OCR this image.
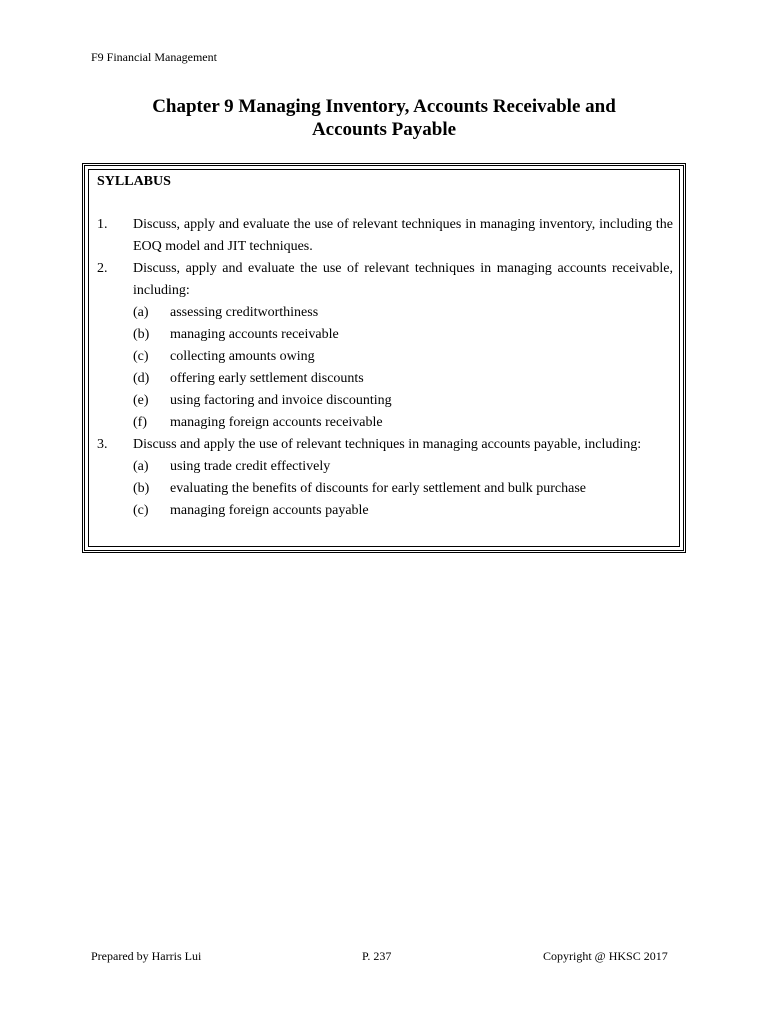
F9 Financial Management
Chapter 9 Managing Inventory, Accounts Receivable and
Accounts Payable
SYLLABUS
1.	Discuss, apply and evaluate the use of relevant techniques in managing inventory, including the EOQ model and JIT techniques.
2.	Discuss, apply and evaluate the use of relevant techniques in managing accounts receivable, including:
(a)	assessing creditworthiness
(b)	managing accounts receivable
(c)	collecting amounts owing
(d)	offering early settlement discounts
(e)	using factoring and invoice discounting
(f)	managing foreign accounts receivable
3.	Discuss and apply the use of relevant techniques in managing accounts payable, including:
(a)	using trade credit effectively
(b)	evaluating the benefits of discounts for early settlement and bulk purchase
(c)	managing foreign accounts payable
Prepared by Harris Lui	P. 237	Copyright @ HKSC 2017
